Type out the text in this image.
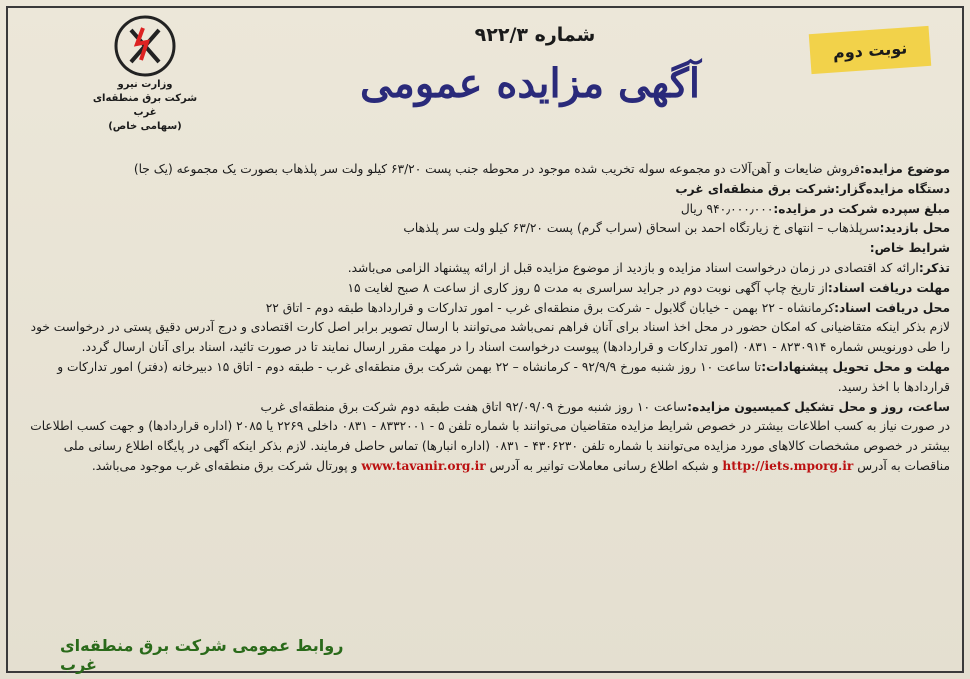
وزارت نیرو
شرکت برق منطقه‌ای غرب
(سهامی خاص)
شماره ۹۲۲/۳
آگهی مزایده عمومی
نوبت دوم

موضوع مزایده:فروش ضایعات و آهن‌آلات دو مجموعه سوله تخریب شده موجود در محوطه جنب پست ۶۳/۲۰ کیلو ولت سر پلذهاب بصورت یک مجموعه (یک جا)

دستگاه مزایده‌گزار:شرکت برق منطقه‌ای غرب

مبلغ سپرده شرکت در مزایده:۹۴۰٫۰۰۰٫۰۰۰ ریال

محل بازدید:سرپلذهاب – انتهای خ زیارتگاه احمد بن اسحاق (سراب گرم) پست ۶۳/۲۰ کیلو ولت سر پلذهاب

شرایط خاص:

تذکر:ارائه کد اقتصادی در زمان درخواست اسناد مزایده و بازدید از موضوع مزایده قبل از ارائه پیشنهاد الزامی می‌باشد.

مهلت دریافت اسناد:از تاریخ چاپ آگهی نوبت دوم در جراید سراسری به مدت ۵ روز کاری از ساعت ۸ صبح لغایت ۱۵

محل دریافت اسناد:کرمانشاه - ۲۲ بهمن - خیابان گلابول - شرکت برق منطقه‌ای غرب - امور تدارکات و قراردادها طبقه دوم - اتاق ۲۲

لازم بذکر اینکه متقاضیانی که امکان حضور در محل اخذ اسناد برای آنان فراهم نمی‌باشد می‌توانند با ارسال تصویر برابر اصل کارت اقتصادی و درج آدرس دقیق پستی در درخواست خود را طی دورنویس شماره ۸۲۳۰۹۱۴ - ۰۸۳۱ (امور تدارکات و قراردادها) پیوست درخواست اسناد را در مهلت مقرر ارسال نمایند تا در صورت تائید، اسناد برای آنان ارسال گردد.

مهلت و محل تحویل پیشنهادات:تا ساعت ۱۰ روز شنبه مورخ ۹۲/۹/۹ - کرمانشاه – ۲۲ بهمن شرکت برق منطقه‌ای غرب - طبقه دوم - اتاق ۱۵ دبیرخانه (دفتر) امور تدارکات و قراردادها با اخذ رسید.

ساعت، روز و محل تشکیل کمیسیون مزایده:ساعت ۱۰ روز شنبه مورخ ۹۲/۰۹/۰۹ اتاق هفت طبقه دوم شرکت برق منطقه‌ای غرب

در صورت نیاز به کسب اطلاعات بیشتر در خصوص شرایط مزایده متقاضیان می‌توانند با شماره تلفن ۵ - ۸۳۳۲۰۰۱ - ۰۸۳۱ داخلی ۲۲۶۹ یا ۲۰۸۵ (اداره قراردادها) و جهت کسب اطلاعات بیشتر در خصوص مشخصات کالاهای مورد مزایده می‌توانند با شماره تلفن ۴۳۰۶۲۳۰ - ۰۸۳۱ (اداره انبارها) تماس حاصل فرمایند. لازم بذکر اینکه آگهی در پایگاه اطلاع رسانی ملی مناقصات به آدرس http://iets.mporg.ir و شبکه اطلاع رسانی معاملات توانیر به آدرس www.tavanir.org.ir و پورتال شرکت برق منطقه‌ای غرب موجود می‌باشد.

روابط عمومی شرکت برق منطقه‌ای غرب
